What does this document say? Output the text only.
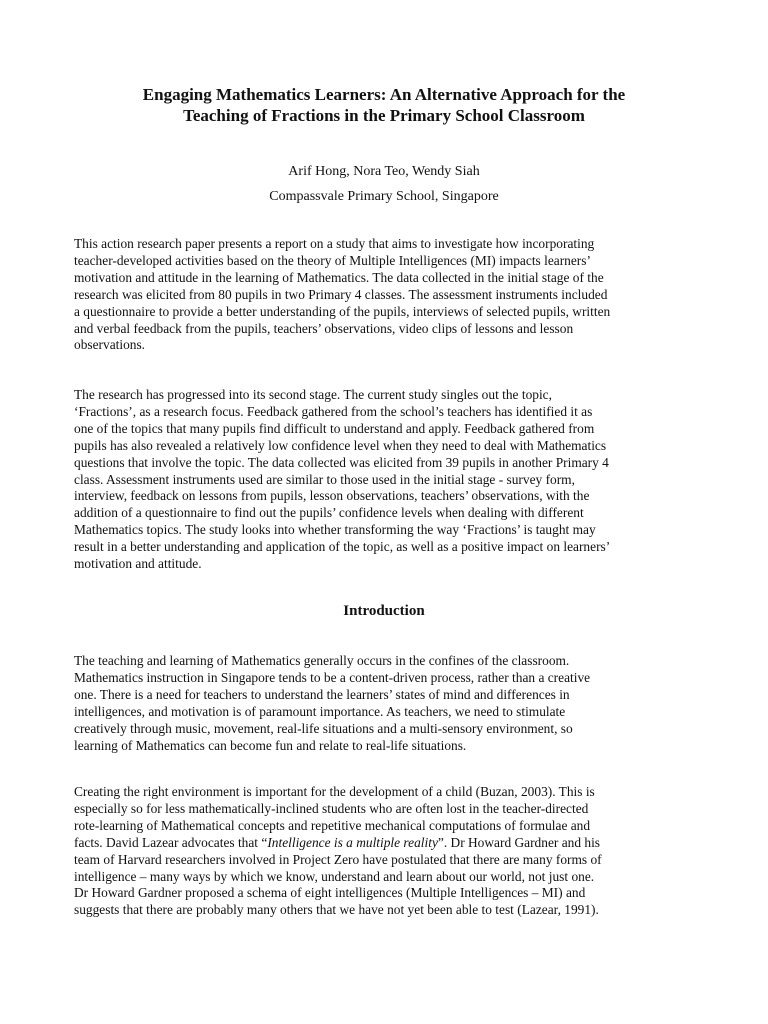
Engaging Mathematics Learners: An Alternative Approach for the
Teaching of Fractions in the Primary School Classroom

Arif Hong, Nora Teo, Wendy Siah

Compassvale Primary School, Singapore

This action research paper presents a report on a study that aims to investigate how incorporating
teacher-developed activities based on the theory of Multiple Intelligences (MI) impacts learners’
motivation and attitude in the learning of Mathematics. The data collected in the initial stage of the
research was elicited from 80 pupils in two Primary 4 classes. The assessment instruments included
a questionnaire to provide a better understanding of the pupils, interviews of selected pupils, written
and verbal feedback from the pupils, teachers’ observations, video clips of lessons and lesson
observations.

The research has progressed into its second stage. The current study singles out the topic,
‘Fractions’, as a research focus. Feedback gathered from the school’s teachers has identified it as
one of the topics that many pupils find difficult to understand and apply. Feedback gathered from
pupils has also revealed a relatively low confidence level when they need to deal with Mathematics
questions that involve the topic. The data collected was elicited from 39 pupils in another Primary 4
class. Assessment instruments used are similar to those used in the initial stage - survey form,
interview, feedback on lessons from pupils, lesson observations, teachers’ observations, with the
addition of a questionnaire to find out the pupils’ confidence levels when dealing with different
Mathematics topics. The study looks into whether transforming the way ‘Fractions’ is taught may
result in a better understanding and application of the topic, as well as a positive impact on learners’
motivation and attitude.

Introduction

The teaching and learning of Mathematics generally occurs in the confines of the classroom.
Mathematics instruction in Singapore tends to be a content-driven process, rather than a creative
one. There is a need for teachers to understand the learners’ states of mind and differences in
intelligences, and motivation is of paramount importance. As teachers, we need to stimulate
creatively through music, movement, real-life situations and a multi-sensory environment, so
learning of Mathematics can become fun and relate to real-life situations.

Creating the right environment is important for the development of a child (Buzan, 2003). This is
especially so for less mathematically-inclined students who are often lost in the teacher-directed
rote-learning of Mathematical concepts and repetitive mechanical computations of formulae and
facts. David Lazear advocates that “Intelligence is a multiple reality”. Dr Howard Gardner and his
team of Harvard researchers involved in Project Zero have postulated that there are many forms of
intelligence – many ways by which we know, understand and learn about our world, not just one.
Dr Howard Gardner proposed a schema of eight intelligences (Multiple Intelligences – MI) and
suggests that there are probably many others that we have not yet been able to test (Lazear, 1991).
